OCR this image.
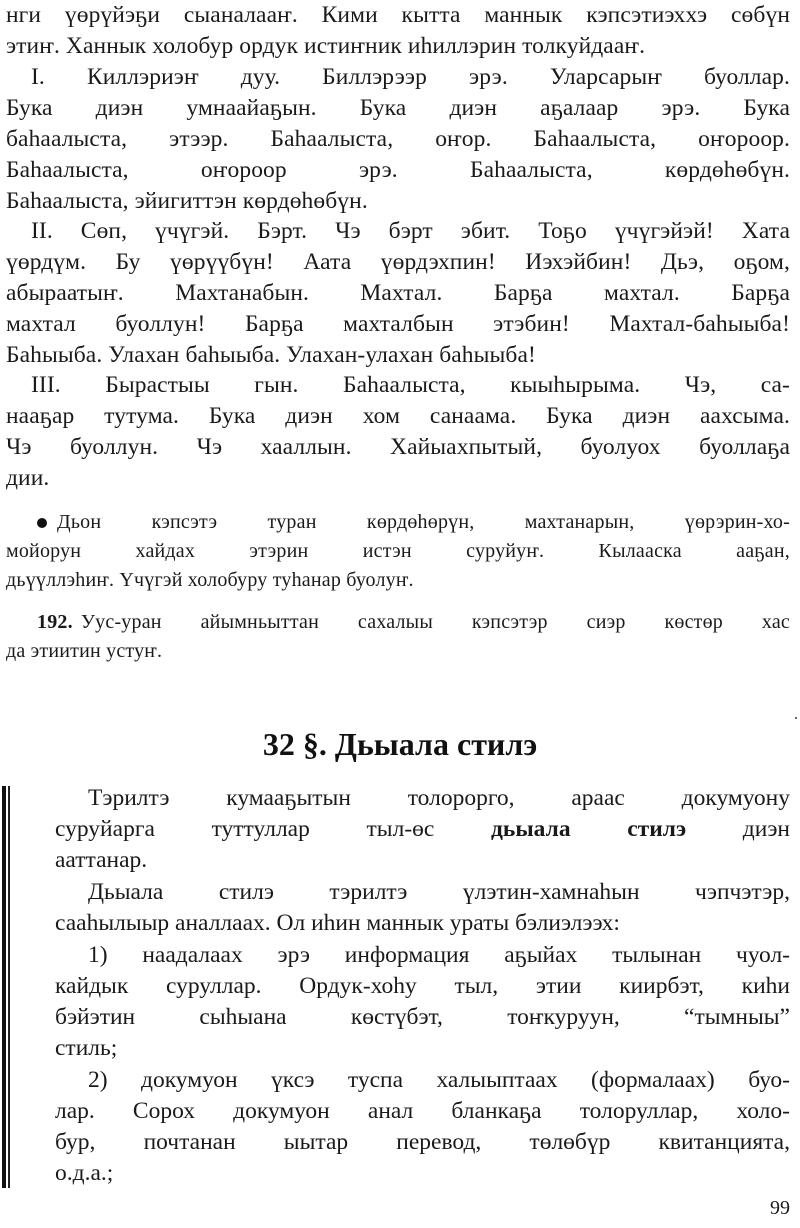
нги үөрүйэҕи сыаналааҥ. Кими кытта маннык кэпсэтиэххэ сөбүн
этиҥ. Ханнык холобур ордук истиҥник иһиллэрин толкуйдааҥ.
I. Киллэриэҥ дуу. Биллэрээр эрэ. Уларсарыҥ буоллар.
Бука диэн умнаайаҕын. Бука диэн аҕалаар эрэ. Бука
баһаалыста, этээр. Баһаалыста, оҥор. Баһаалыста, оҥороор.
Баһаалыста, оҥороор эрэ. Баһаалыста, көрдөһөбүн.
Баһаалыста, эйигиттэн көрдөһөбүн.
II. Сөп, үчүгэй. Бэрт. Чэ бэрт эбит. Тоҕо үчүгэйэй! Хата
үөрдүм. Бу үөрүүбүн! Аата үөрдэхпин! Иэхэйбин! Дьэ, оҕом,
абыраатыҥ. Махтанабын. Махтал. Барҕа махтал. Барҕа
махтал буоллун! Барҕа махталбын этэбин! Махтал-баһыыба!
Баһыыба. Улахан баһыыба. Улахан-улахан баһыыба!
III. Бырастыы гын. Баһаалыста, кыыһырыма. Чэ, са-
нааҕар тутума. Бука диэн хом санаама. Бука диэн аахсыма.
Чэ буоллун. Чэ хааллын. Хайыахпытый, буолуох буоллаҕа
дии.
Дьон кэпсэтэ туран көрдөһөрүн, махтанарын, үөрэрин-хо-
мойорун хайдах этэрин истэн суруйуҥ. Кылааска ааҕан,
дьүүллэһиҥ. Үчүгэй холобуру туһанар буолуҥ.
192. Уус-уран айымньыттан сахалыы кэпсэтэр сиэр көстөр хас
да этиитин устуҥ.
32 §. Дьыала стилэ
Тэрилтэ кумааҕытын толорорго, араас докумуону
суруйарга туттуллар тыл-өс дьыала стилэ диэн
ааттанар.
Дьыала стилэ тэрилтэ үлэтин-хамнаһын чэпчэтэр,
сааһылыыр аналлаах. Ол иһин маннык ураты бэлиэлээх:
1) наадалаах эрэ информация аҕыйах тылынан чуол-
кайдык суруллар. Ордук-хоһу тыл, этии киирбэт, киһи
бэйэтин сыһыана көстүбэт, тоҥкуруун, “тымныы”
стиль;
2) докумуон үксэ туспа халыыптаах (формалаах) буо-
лар. Сорох докумуон анал бланкаҕа толоруллар, холо-
бур, почтанан ыытар перевод, төлөбүр квитанцията,
о.д.а.;
99
